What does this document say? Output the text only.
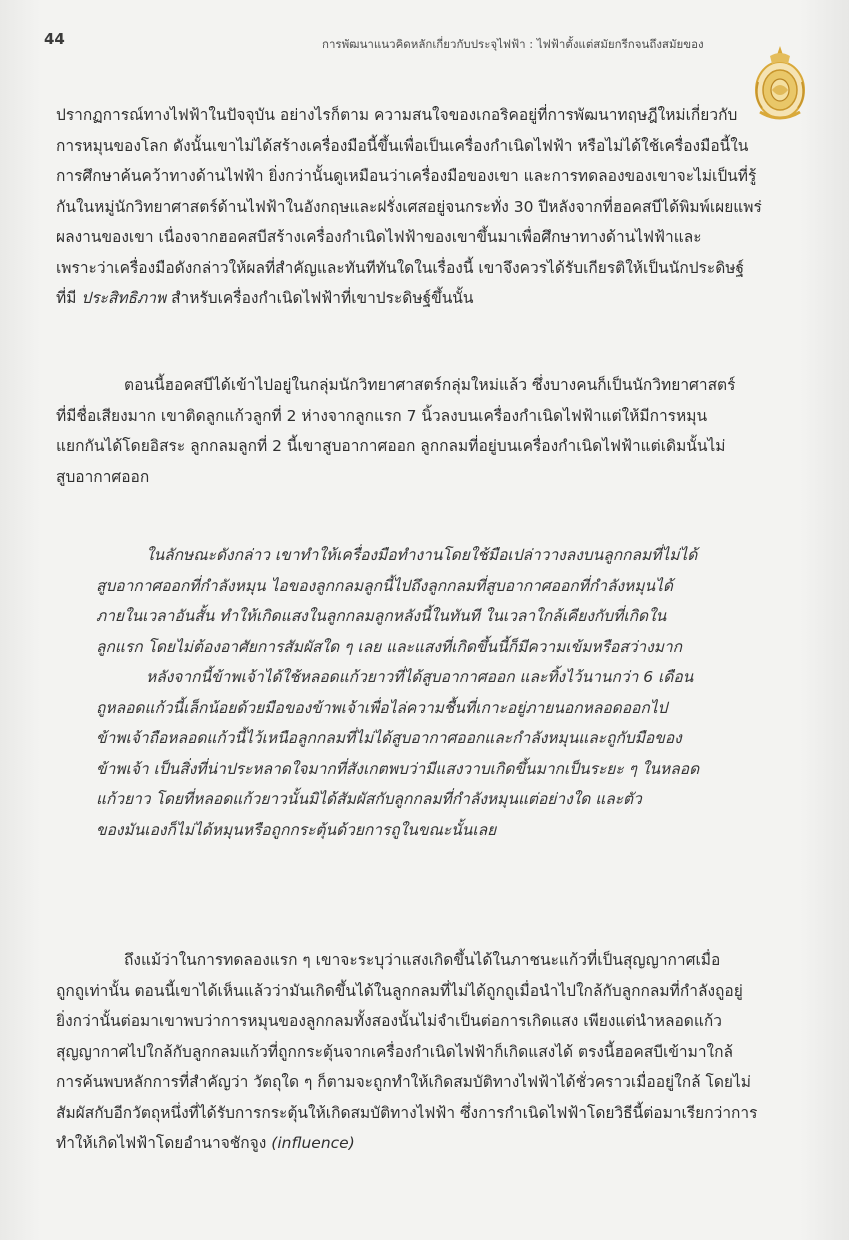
44	การพัฒนาแนวคิดหลักเกี่ยวกับประจุไฟฟ้า : ไฟฟ้าตั้งแต่สมัยกรีกจนถึงสมัยของ
ปรากฏการณ์ทางไฟฟ้าในปัจจุบัน อย่างไรก็ตาม ความสนใจของเกอริคอยู่ที่การพัฒนาทฤษฎีใหม่เกี่ยวกับ
การหมุนของโลก ดังนั้นเขาไม่ได้สร้างเครื่องมือนี้ขึ้นเพื่อเป็นเครื่องกำเนิดไฟฟ้า หรือไม่ได้ใช้เครื่องมือนี้ใน
การศึกษาค้นคว้าทางด้านไฟฟ้า ยิ่งกว่านั้นดูเหมือนว่าเครื่องมือของเขา และการทดลองของเขาจะไม่เป็นที่รู้
กันในหมู่นักวิทยาศาสตร์ด้านไฟฟ้าในอังกฤษและฝรั่งเศสอยู่จนกระทั่ง 30 ปีหลังจากที่ฮอคสบีได้พิมพ์เผยแพร่
ผลงานของเขา เนื่องจากฮอคสบีสร้างเครื่องกำเนิดไฟฟ้าของเขาขึ้นมาเพื่อศึกษาทางด้านไฟฟ้าและ
เพราะว่าเครื่องมือดังกล่าวให้ผลที่สำคัญและทันทีทันใดในเรื่องนี้ เขาจึงควรได้รับเกียรติให้เป็นนักประดิษฐ์
ที่มี ประสิทธิภาพ สำหรับเครื่องกำเนิดไฟฟ้าที่เขาประดิษฐ์ขึ้นนั้น
ตอนนี้ฮอคสบีได้เข้าไปอยู่ในกลุ่มนักวิทยาศาสตร์กลุ่มใหม่แล้ว ซึ่งบางคนก็เป็นนักวิทยาศาสตร์
ที่มีชื่อเสียงมาก เขาติดลูกแก้วลูกที่ 2 ห่างจากลูกแรก 7 นิ้วลงบนเครื่องกำเนิดไฟฟ้าแต่ให้มีการหมุน
แยกกันได้โดยอิสระ ลูกกลมลูกที่ 2 นี้เขาสูบอากาศออก ลูกกลมที่อยู่บนเครื่องกำเนิดไฟฟ้าแต่เดิมนั้นไม่
สูบอากาศออก
ในลักษณะดังกล่าว เขาทำให้เครื่องมือทำงานโดยใช้มือเปล่าวางลงบนลูกกลมที่ไม่ได้
สูบอากาศออกที่กำลังหมุน ไอของลูกกลมลูกนี้ไปถึงลูกกลมที่สูบอากาศออกที่กำลังหมุนได้
ภายในเวลาอันสั้น ทำให้เกิดแสงในลูกกลมลูกหลังนี้ในทันที ในเวลาใกล้เคียงกับที่เกิดใน
ลูกแรก โดยไม่ต้องอาศัยการสัมผัสใด ๆ เลย และแสงที่เกิดขึ้นนี้ก็มีความเข้มหรือสว่างมาก
หลังจากนี้ข้าพเจ้าได้ใช้หลอดแก้วยาวที่ได้สูบอากาศออก และทิ้งไว้นานกว่า 6 เดือน
ถูหลอดแก้วนี้เล็กน้อยด้วยมือของข้าพเจ้าเพื่อไล่ความชื้นที่เกาะอยู่ภายนอกหลอดออกไป
ข้าพเจ้าถือหลอดแก้วนี้ไว้เหนือลูกกลมที่ไม่ได้สูบอากาศออกและกำลังหมุนและถูกับมือของ
ข้าพเจ้า เป็นสิ่งที่น่าประหลาดใจมากที่สังเกตพบว่ามีแสงวาบเกิดขึ้นมากเป็นระยะ ๆ ในหลอด
แก้วยาว โดยที่หลอดแก้วยาวนั้นมิได้สัมผัสกับลูกกลมที่กำลังหมุนแต่อย่างใด และตัว
ของมันเองก็ไม่ได้หมุนหรือถูกกระตุ้นด้วยการถูในขณะนั้นเลย
ถึงแม้ว่าในการทดลองแรก ๆ เขาจะระบุว่าแสงเกิดขึ้นได้ในภาชนะแก้วที่เป็นสุญญากาศเมื่อ
ถูกถูเท่านั้น ตอนนี้เขาได้เห็นแล้วว่ามันเกิดขึ้นได้ในลูกกลมที่ไม่ได้ถูกถูเมื่อนำไปใกล้กับลูกกลมที่กำลังถูอยู่
ยิ่งกว่านั้นต่อมาเขาพบว่าการหมุนของลูกกลมทั้งสองนั้นไม่จำเป็นต่อการเกิดแสง เพียงแต่นำหลอดแก้ว
สุญญากาศไปใกล้กับลูกกลมแก้วที่ถูกกระตุ้นจากเครื่องกำเนิดไฟฟ้าก็เกิดแสงได้ ตรงนี้ฮอคสบีเข้ามาใกล้
การค้นพบหลักการที่สำคัญว่า วัตถุใด ๆ ก็ตามจะถูกทำให้เกิดสมบัติทางไฟฟ้าได้ชั่วคราวเมื่ออยู่ใกล้ โดยไม่
สัมผัสกับอีกวัตถุหนึ่งที่ได้รับการกระตุ้นให้เกิดสมบัติทางไฟฟ้า ซึ่งการกำเนิดไฟฟ้าโดยวิธีนี้ต่อมาเรียกว่าการ
ทำให้เกิดไฟฟ้าโดยอำนาจชักจูง (influence)
